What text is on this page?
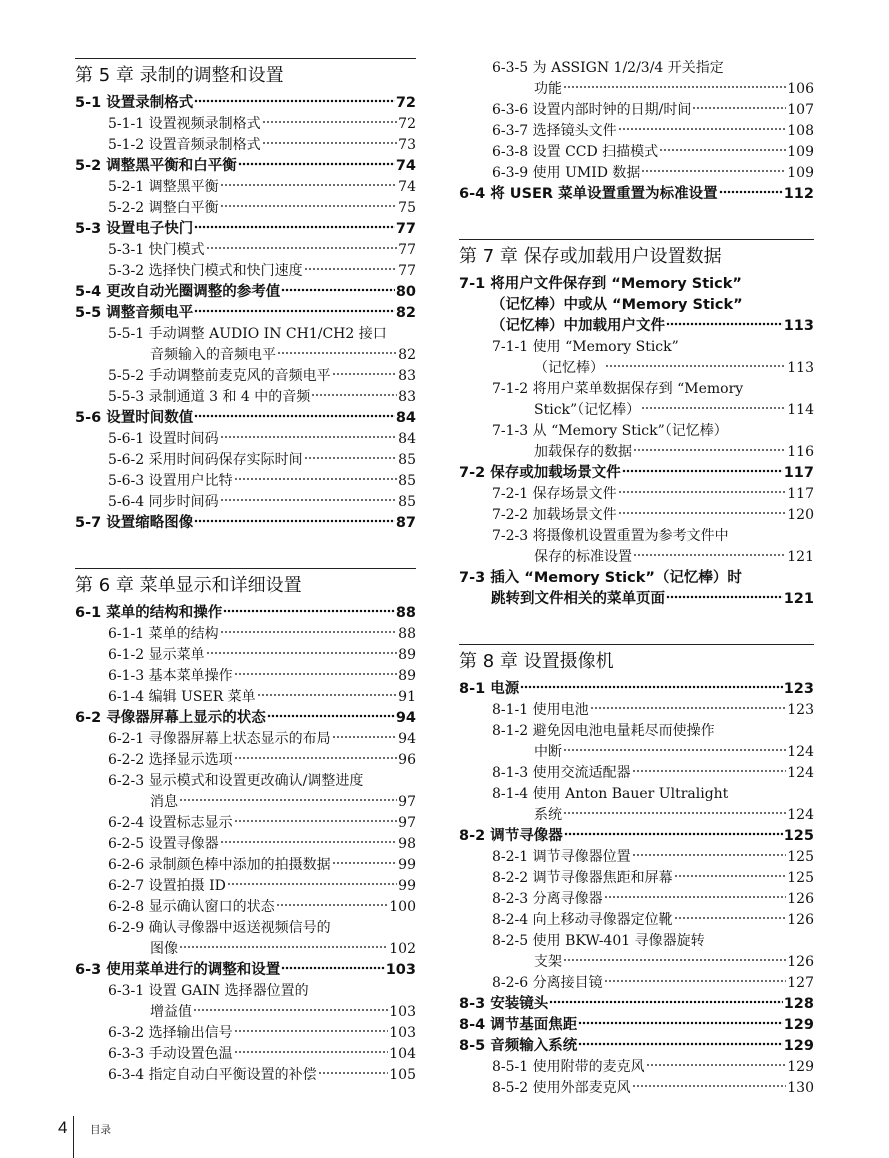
第 5 章 录制的调整和设置
5-1 设置录制格式	72
5-1-1 设置视频录制格式	72
5-1-2 设置音频录制格式	73
5-2 调整黑平衡和白平衡	74
5-2-1 调整黑平衡	74
5-2-2 调整白平衡	75
5-3 设置电子快门	77
5-3-1 快门模式	77
5-3-2 选择快门模式和快门速度	77
5-4 更改自动光圈调整的参考值	80
5-5 调整音频电平	82
5-5-1 手动调整 AUDIO IN CH1/CH2 接口
音频输入的音频电平	82
5-5-2 手动调整前麦克风的音频电平	83
5-5-3 录制通道 3 和 4 中的音频	83
5-6 设置时间数值	84
5-6-1 设置时间码	84
5-6-2 采用时间码保存实际时间	85
5-6-3 设置用户比特	85
5-6-4 同步时间码	85
5-7 设置缩略图像	87
第 6 章 菜单显示和详细设置
6-1 菜单的结构和操作	88
6-1-1 菜单的结构	88
6-1-2 显示菜单	89
6-1-3 基本菜单操作	89
6-1-4 编辑 USER 菜单	91
6-2 寻像器屏幕上显示的状态	94
6-2-1 寻像器屏幕上状态显示的布局	94
6-2-2 选择显示选项	96
6-2-3 显示模式和设置更改确认/调整进度
消息	97
6-2-4 设置标志显示	97
6-2-5 设置寻像器	98
6-2-6 录制颜色棒中添加的拍摄数据	99
6-2-7 设置拍摄 ID	99
6-2-8 显示确认窗口的状态	100
6-2-9 确认寻像器中返送视频信号的
图像	102
6-3 使用菜单进行的调整和设置	103
6-3-1 设置 GAIN 选择器位置的
增益值	103
6-3-2 选择输出信号	103
6-3-3 手动设置色温	104
6-3-4 指定自动白平衡设置的补偿	105
6-3-5 为 ASSIGN 1/2/3/4 开关指定
功能	106
6-3-6 设置内部时钟的日期/时间	107
6-3-7 选择镜头文件	108
6-3-8 设置 CCD 扫描模式	109
6-3-9 使用 UMID 数据	109
6-4 将 USER 菜单设置重置为标准设置	112
第 7 章 保存或加载用户设置数据
7-1 将用户文件保存到 “Memory Stick”
（记忆棒）中或从 “Memory Stick”
（记忆棒）中加载用户文件	113
7-1-1 使用 “Memory Stick”
（记忆棒）	113
7-1-2 将用户菜单数据保存到 “Memory
Stick”（记忆棒）	114
7-1-3 从 “Memory Stick”（记忆棒）
加载保存的数据	116
7-2 保存或加载场景文件	117
7-2-1 保存场景文件	117
7-2-2 加载场景文件	120
7-2-3 将摄像机设置重置为参考文件中
保存的标准设置	121
7-3 插入 “Memory Stick”（记忆棒）时
跳转到文件相关的菜单页面	121
第 8 章 设置摄像机
8-1 电源	123
8-1-1 使用电池	123
8-1-2 避免因电池电量耗尽而使操作
中断	124
8-1-3 使用交流适配器	124
8-1-4 使用 Anton Bauer Ultralight
系统	124
8-2 调节寻像器	125
8-2-1 调节寻像器位置	125
8-2-2 调节寻像器焦距和屏幕	125
8-2-3 分离寻像器	126
8-2-4 向上移动寻像器定位靴	126
8-2-5 使用 BKW-401 寻像器旋转
支架	126
8-2-6 分离接目镜	127
8-3 安装镜头	128
8-4 调节基面焦距	129
8-5 音频输入系统	129
8-5-1 使用附带的麦克风	129
8-5-2 使用外部麦克风	130
4 目录
